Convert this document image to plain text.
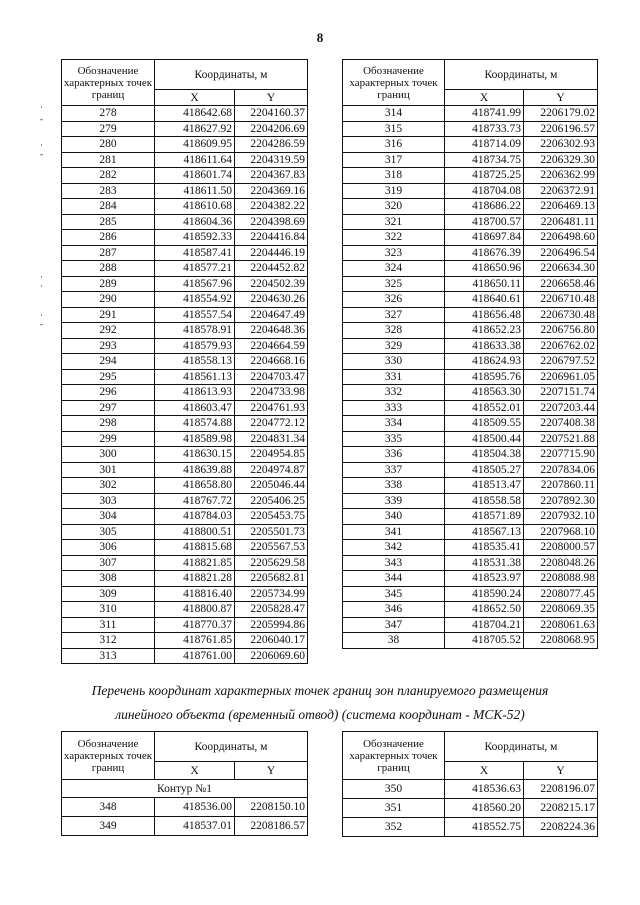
8
·
-
·
-
·
·
·
-
Обозначение характерных точек границ	Координаты, м	
	X	Y
278	418642.68	2204160.37
279	418627.92	2204206.69
280	418609.95	2204286.59
281	418611.64	2204319.59
282	418601.74	2204367.83
283	418611.50	2204369.16
284	418610.68	2204382.22
285	418604.36	2204398.69
286	418592.33	2204416.84
287	418587.41	2204446.19
288	418577.21	2204452.82
289	418567.96	2204502.39
290	418554.92	2204630.26
291	418557.54	2204647.49
292	418578.91	2204648.36
293	418579.93	2204664.59
294	418558.13	2204668.16
295	418561.13	2204703.47
296	418613.93	2204733.98
297	418603.47	2204761.93
298	418574.88	2204772.12
299	418589.98	2204831.34
300	418630.15	2204954.85
301	418639.88	2204974.87
302	418658.80	2205046.44
303	418767.72	2205406.25
304	418784.03	2205453.75
305	418800.51	2205501.73
306	418815.68	2205567.53
307	418821.85	2205629.58
308	418821.28	2205682.81
309	418816.40	2205734.99
310	418800.87	2205828.47
311	418770.37	2205994.86
312	418761.85	2206040.17
313	418761.00	2206069.60
Обозначение характерных точек границ	Координаты, м	
	X	Y
314	418741.99	2206179.02
315	418733.73	2206196.57
316	418714.09	2206302.93
317	418734.75	2206329.30
318	418725.25	2206362.99
319	418704.08	2206372.91
320	418686.22	2206469.13
321	418700.57	2206481.11
322	418697.84	2206498.60
323	418676.39	2206496.54
324	418650.96	2206634.30
325	418650.11	2206658.46
326	418640.61	2206710.48
327	418656.48	2206730.48
328	418652.23	2206756.80
329	418633.38	2206762.02
330	418624.93	2206797.52
331	418595.76	2206961.05
332	418563.30	2207151.74
333	418552.01	2207203.44
334	418509.55	2207408.38
335	418500.44	2207521.88
336	418504.38	2207715.90
337	418505.27	2207834.06
338	418513.47	2207860.11
339	418558.58	2207892.30
340	418571.89	2207932.10
341	418567.13	2207968.10
342	418535.41	2208000.57
343	418531.38	2208048.26
344	418523.97	2208088.98
345	418590.24	2208077.45
346	418652.50	2208069.35
347	418704.21	2208061.63
38	418705.52	2208068.95
Перечень координат характерных точек границ зон планируемого размещения
линейного объекта (временный отвод) (система координат - МСК-52)
Обозначение характерных точек границ	Координаты, м	
	X	Y
Контур №1		
348	418536.00	2208150.10
349	418537.01	2208186.57
Обозначение характерных точек границ	Координаты, м	
	X	Y
350	418536.63	2208196.07
351	418560.20	2208215.17
352	418552.75	2208224.36
